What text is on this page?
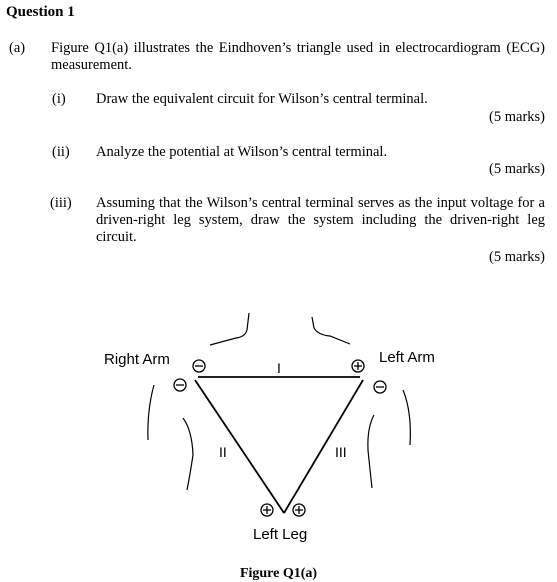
Question 1
(a) Figure Q1(a) illustrates the Eindhoven’s triangle used in electrocardiogram (ECG) measurement.
(i) Draw the equivalent circuit for Wilson’s central terminal.
(5 marks)
(ii) Analyze the potential at Wilson’s central terminal.
(5 marks)
(iii) Assuming that the Wilson’s central terminal serves as the input voltage for a driven-right leg system, draw the system including the driven-right leg circuit.
(5 marks)
Right Arm	Left Arm
Left Leg
I
II	III
Figure Q1(a)
